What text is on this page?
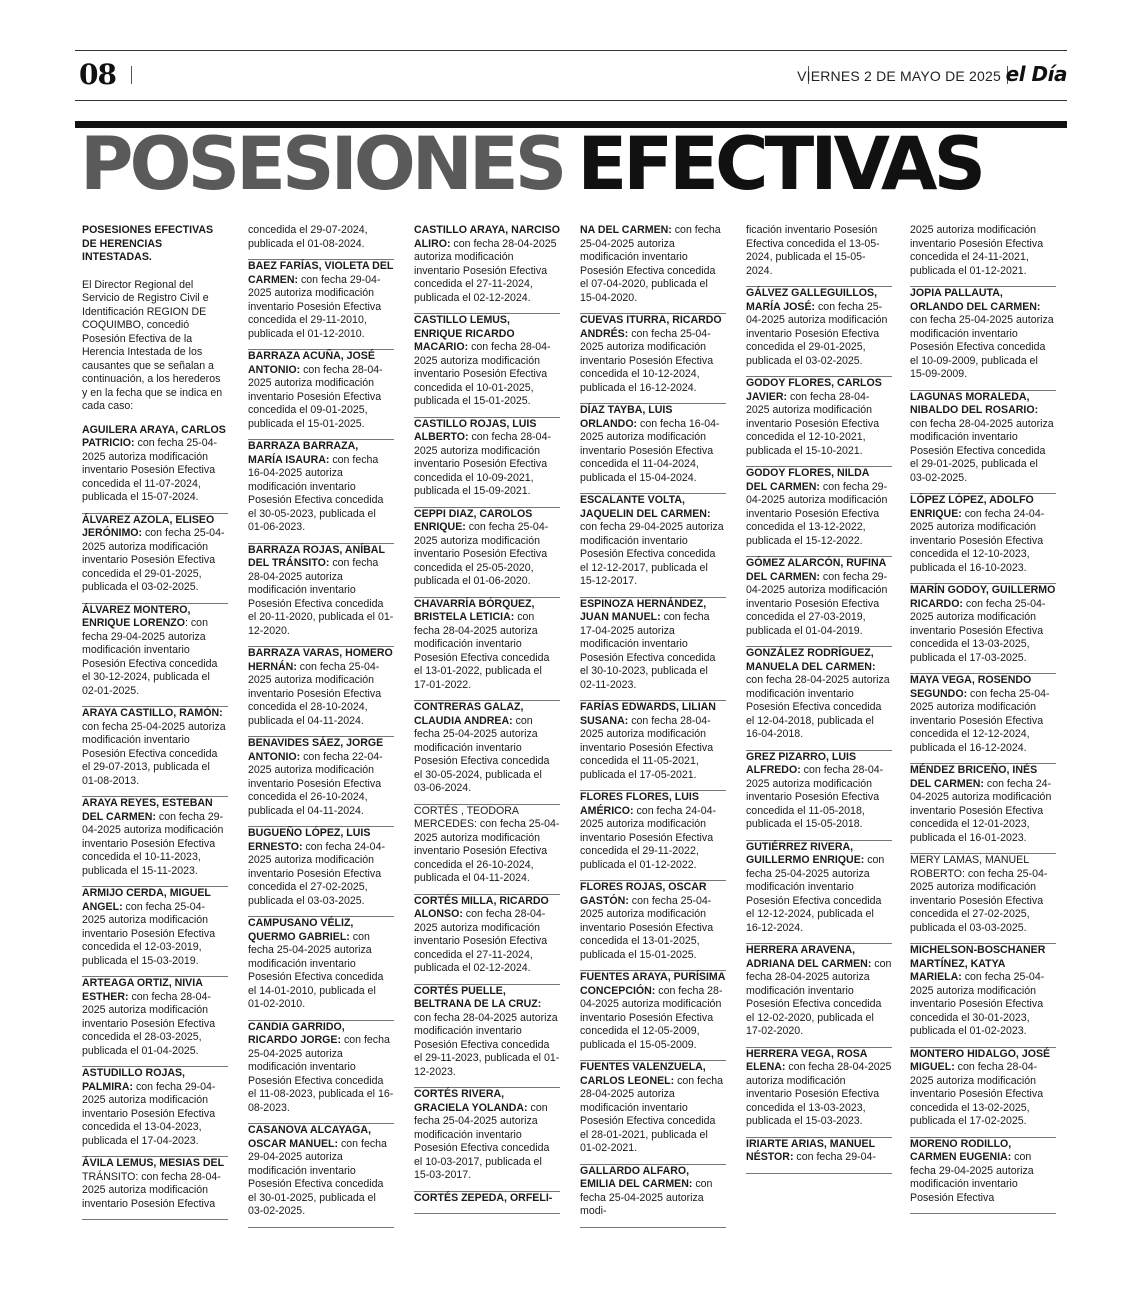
08	VIERNES 2 DE MAYO DE 2025 el Día
POSESIONES EFECTIVAS
POSESIONES EFECTIVAS DE HERENCIAS INTESTADAS.
El Director Regional del Servicio de Registro Civil e Identificación REGION DE COQUIMBO, concedió Posesión Efectiva de la Herencia Intestada de los causantes que se señalan a continuación, a los herederos y en la fecha que se indica en cada caso:

AGUILERA ARAYA, CARLOS PATRICIO: con fecha 25-04-2025 autoriza modificación inventario Posesión Efectiva concedida el 11-07-2024, publicada el 15-07-2024.

ÁLVAREZ AZOLA, ELISEO JERÓNIMO: con fecha 25-04-2025 autoriza modificación inventario Posesión Efectiva concedida el 29-01-2025, publicada el 03-02-2025.

ÁLVAREZ MONTERO, ENRIQUE LORENZO: con fecha 29-04-2025 autoriza modificación inventario Posesión Efectiva concedida el 30-12-2024, publicada el 02-01-2025.

ARAYA CASTILLO, RAMÓN: con fecha 25-04-2025 autoriza modificación inventario Posesión Efectiva concedida el 29-07-2013, publicada el 01-08-2013.

ARAYA REYES, ESTEBAN DEL CARMEN: con fecha 29-04-2025 autoriza modificación inventario Posesión Efectiva concedida el 10-11-2023, publicada el 15-11-2023.

ARMIJO CERDA, MIGUEL ANGEL: con fecha 25-04-2025 autoriza modificación inventario Posesión Efectiva concedida el 12-03-2019, publicada el 15-03-2019.

ARTEAGA ORTIZ, NIVIA ESTHER: con fecha 28-04-2025 autoriza modificación inventario Posesión Efectiva concedida el 28-03-2025, publicada el 01-04-2025.

ASTUDILLO ROJAS, PALMIRA: con fecha 29-04-2025 autoriza modificación inventario Posesión Efectiva concedida el 13-04-2023, publicada el 17-04-2023.

ÁVILA LEMUS, MESIAS DEL TRÁNSITO: con fecha 28-04-2025 autoriza modificación inventario Posesión Efectiva

concedida el 29-07-2024, publicada el 01-08-2024.

BAEZ FARÍAS, VIOLETA DEL CARMEN: con fecha 29-04-2025 autoriza modificación inventario Posesión Efectiva concedida el 29-11-2010, publicada el 01-12-2010.

BARRAZA ACUÑA, JOSÉ ANTONIO: con fecha 28-04-2025 autoriza modificación inventario Posesión Efectiva concedida el 09-01-2025, publicada el 15-01-2025.

BARRAZA BARRAZA, MARÍA ISAURA: con fecha 16-04-2025 autoriza modificación inventario Posesión Efectiva concedida el 30-05-2023, publicada el 01-06-2023.

BARRAZA ROJAS, ANÍBAL DEL TRÁNSITO: con fecha 28-04-2025 autoriza modificación inventario Posesión Efectiva concedida el 20-11-2020, publicada el 01-12-2020.

BARRAZA VARAS, HOMERO HERNÁN: con fecha 25-04-2025 autoriza modificación inventario Posesión Efectiva concedida el 28-10-2024, publicada el 04-11-2024.

BENAVIDES SÁEZ, JORGE ANTONIO: con fecha 22-04-2025 autoriza modificación inventario Posesión Efectiva concedida el 26-10-2024, publicada el 04-11-2024.

BUGUEÑO LÓPEZ, LUIS ERNESTO: con fecha 24-04-2025 autoriza modificación inventario Posesión Efectiva concedida el 27-02-2025, publicada el 03-03-2025.

CAMPUSANO VÉLIZ, QUERMO GABRIEL: con fecha 25-04-2025 autoriza modificación inventario Posesión Efectiva concedida el 14-01-2010, publicada el 01-02-2010.

CANDIA GARRIDO, RICARDO JORGE: con fecha 25-04-2025 autoriza modificación inventario Posesión Efectiva concedida el 11-08-2023, publicada el 16-08-2023.

CASANOVA ALCAYAGA, OSCAR MANUEL: con fecha 29-04-2025 autoriza modificación inventario Posesión Efectiva concedida el 30-01-2025, publicada el 03-02-2025.

CASTILLO ARAYA, NARCISO ALIRO: con fecha 28-04-2025 autoriza modificación inventario Posesión Efectiva concedida el 27-11-2024, publicada el 02-12-2024.

CASTILLO LEMUS, ENRIQUE RICARDO MACARIO: con fecha 28-04-2025 autoriza modificación inventario Posesión Efectiva concedida el 10-01-2025, publicada el 15-01-2025.

CASTILLO ROJAS, LUIS ALBERTO: con fecha 28-04-2025 autoriza modificación inventario Posesión Efectiva concedida el 10-09-2021, publicada el 15-09-2021.

CEPPI DIAZ, CAROLOS ENRIQUE: con fecha 25-04-2025 autoriza modificación inventario Posesión Efectiva concedida el 25-05-2020, publicada el 01-06-2020.

CHAVARRÍA BÓRQUEZ, BRISTELA LETICIA: con fecha 28-04-2025 autoriza modificación inventario Posesión Efectiva concedida el 13-01-2022, publicada el 17-01-2022.

CONTRERAS GALAZ, CLAUDIA ANDREA: con fecha 25-04-2025 autoriza modificación inventario Posesión Efectiva concedida el 30-05-2024, publicada el 03-06-2024.

CORTÉS , TEODORA MERCEDES: con fecha 25-04-2025 autoriza modificación inventario Posesión Efectiva concedida el 26-10-2024, publicada el 04-11-2024.

CORTÉS MILLA, RICARDO ALONSO: con fecha 28-04-2025 autoriza modificación inventario Posesión Efectiva concedida el 27-11-2024, publicada el 02-12-2024.

CORTÉS PUELLE, BELTRANA DE LA CRUZ: con fecha 28-04-2025 autoriza modificación inventario Posesión Efectiva concedida el 29-11-2023, publicada el 01-12-2023.

CORTÉS RIVERA, GRACIELA YOLANDA: con fecha 25-04-2025 autoriza modificación inventario Posesión Efectiva concedida el 10-03-2017, publicada el 15-03-2017.

CORTÉS ZEPEDA, ORFELI-

NA DEL CARMEN: con fecha 25-04-2025 autoriza modificación inventario Posesión Efectiva concedida el 07-04-2020, publicada el 15-04-2020.

CUEVAS ITURRA, RICARDO ANDRÉS: con fecha 25-04-2025 autoriza modificación inventario Posesión Efectiva concedida el 10-12-2024, publicada el 16-12-2024.

DÍAZ TAYBA, LUIS ORLANDO: con fecha 16-04-2025 autoriza modificación inventario Posesión Efectiva concedida el 11-04-2024, publicada el 15-04-2024.

ESCALANTE VOLTA, JAQUELIN DEL CARMEN: con fecha 29-04-2025 autoriza modificación inventario Posesión Efectiva concedida el 12-12-2017, publicada el 15-12-2017.

ESPINOZA HERNÁNDEZ, JUAN MANUEL: con fecha 17-04-2025 autoriza modificación inventario Posesión Efectiva concedida el 30-10-2023, publicada el 02-11-2023.

FARÍAS EDWARDS, LILIAN SUSANA: con fecha 28-04-2025 autoriza modificación inventario Posesión Efectiva concedida el 11-05-2021, publicada el 17-05-2021.

FLORES FLORES, LUIS AMÉRICO: con fecha 24-04-2025 autoriza modificación inventario Posesión Efectiva concedida el 29-11-2022, publicada el 01-12-2022.

FLORES ROJAS, OSCAR GASTÓN: con fecha 25-04-2025 autoriza modificación inventario Posesión Efectiva concedida el 13-01-2025, publicada el 15-01-2025.

FUENTES ARAYA, PURÍSIMA CONCEPCIÓN: con fecha 28-04-2025 autoriza modificación inventario Posesión Efectiva concedida el 12-05-2009, publicada el 15-05-2009.

FUENTES VALENZUELA, CARLOS LEONEL: con fecha 28-04-2025 autoriza modificación inventario Posesión Efectiva concedida el 28-01-2021, publicada el 01-02-2021.

GALLARDO ALFARO, EMILIA DEL CARMEN: con fecha 25-04-2025 autoriza modi-

ficación inventario Posesión Efectiva concedida el 13-05-2024, publicada el 15-05-2024.

GÁLVEZ GALLEGUILLOS, MARÍA JOSÉ: con fecha 25-04-2025 autoriza modificación inventario Posesión Efectiva concedida el 29-01-2025, publicada el 03-02-2025.

GODOY FLORES, CARLOS JAVIER: con fecha 28-04-2025 autoriza modificación inventario Posesión Efectiva concedida el 12-10-2021, publicada el 15-10-2021.

GODOY FLORES, NILDA DEL CARMEN: con fecha 29-04-2025 autoriza modificación inventario Posesión Efectiva concedida el 13-12-2022, publicada el 15-12-2022.

GÓMEZ ALARCÓN, RUFINA DEL CARMEN: con fecha 29-04-2025 autoriza modificación inventario Posesión Efectiva concedida el 27-03-2019, publicada el 01-04-2019.

GONZÁLEZ RODRÍGUEZ, MANUELA DEL CARMEN: con fecha 28-04-2025 autoriza modificación inventario Posesión Efectiva concedida el 12-04-2018, publicada el 16-04-2018.

GREZ PIZARRO, LUIS ALFREDO: con fecha 28-04-2025 autoriza modificación inventario Posesión Efectiva concedida el 11-05-2018, publicada el 15-05-2018.

GUTIÉRREZ RIVERA, GUILLERMO ENRIQUE: con fecha 25-04-2025 autoriza modificación inventario Posesión Efectiva concedida el 12-12-2024, publicada el 16-12-2024.

HERRERA ARAVENA, ADRIANA DEL CARMEN: con fecha 28-04-2025 autoriza modificación inventario Posesión Efectiva concedida el 12-02-2020, publicada el 17-02-2020.

HERRERA VEGA, ROSA ELENA: con fecha 28-04-2025 autoriza modificación inventario Posesión Efectiva concedida el 13-03-2023, publicada el 15-03-2023.

IRIARTE ARIAS, MANUEL NÉSTOR: con fecha 29-04-

2025 autoriza modificación inventario Posesión Efectiva concedida el 24-11-2021, publicada el 01-12-2021.

JOPIA PALLAUTA, ORLANDO DEL CARMEN: con fecha 25-04-2025 autoriza modificación inventario Posesión Efectiva concedida el 10-09-2009, publicada el 15-09-2009.

LAGUNAS MORALEDA, NIBALDO DEL ROSARIO: con fecha 28-04-2025 autoriza modificación inventario Posesión Efectiva concedida el 29-01-2025, publicada el 03-02-2025.

LÓPEZ LÓPEZ, ADOLFO ENRIQUE: con fecha 24-04-2025 autoriza modificación inventario Posesión Efectiva concedida el 12-10-2023, publicada el 16-10-2023.

MARÍN GODOY, GUILLERMO RICARDO: con fecha 25-04-2025 autoriza modificación inventario Posesión Efectiva concedida el 13-03-2025, publicada el 17-03-2025.

MAYA VEGA, ROSENDO SEGUNDO: con fecha 25-04-2025 autoriza modificación inventario Posesión Efectiva concedida el 12-12-2024, publicada el 16-12-2024.

MÉNDEZ BRICEÑO, INÉS DEL CARMEN: con fecha 24-04-2025 autoriza modificación inventario Posesión Efectiva concedida el 12-01-2023, publicada el 16-01-2023.

MERY LAMAS, MANUEL ROBERTO: con fecha 25-04-2025 autoriza modificación inventario Posesión Efectiva concedida el 27-02-2025, publicada el 03-03-2025.

MICHELSON-BOSCHANER MARTÍNEZ, KATYA MARIELA: con fecha 25-04-2025 autoriza modificación inventario Posesión Efectiva concedida el 30-01-2023, publicada el 01-02-2023.

MONTERO HIDALGO, JOSÉ MIGUEL: con fecha 28-04-2025 autoriza modificación inventario Posesión Efectiva concedida el 13-02-2025, publicada el 17-02-2025.

MORENO RODILLO, CARMEN EUGENIA: con fecha 29-04-2025 autoriza modificación inventario Posesión Efectiva
